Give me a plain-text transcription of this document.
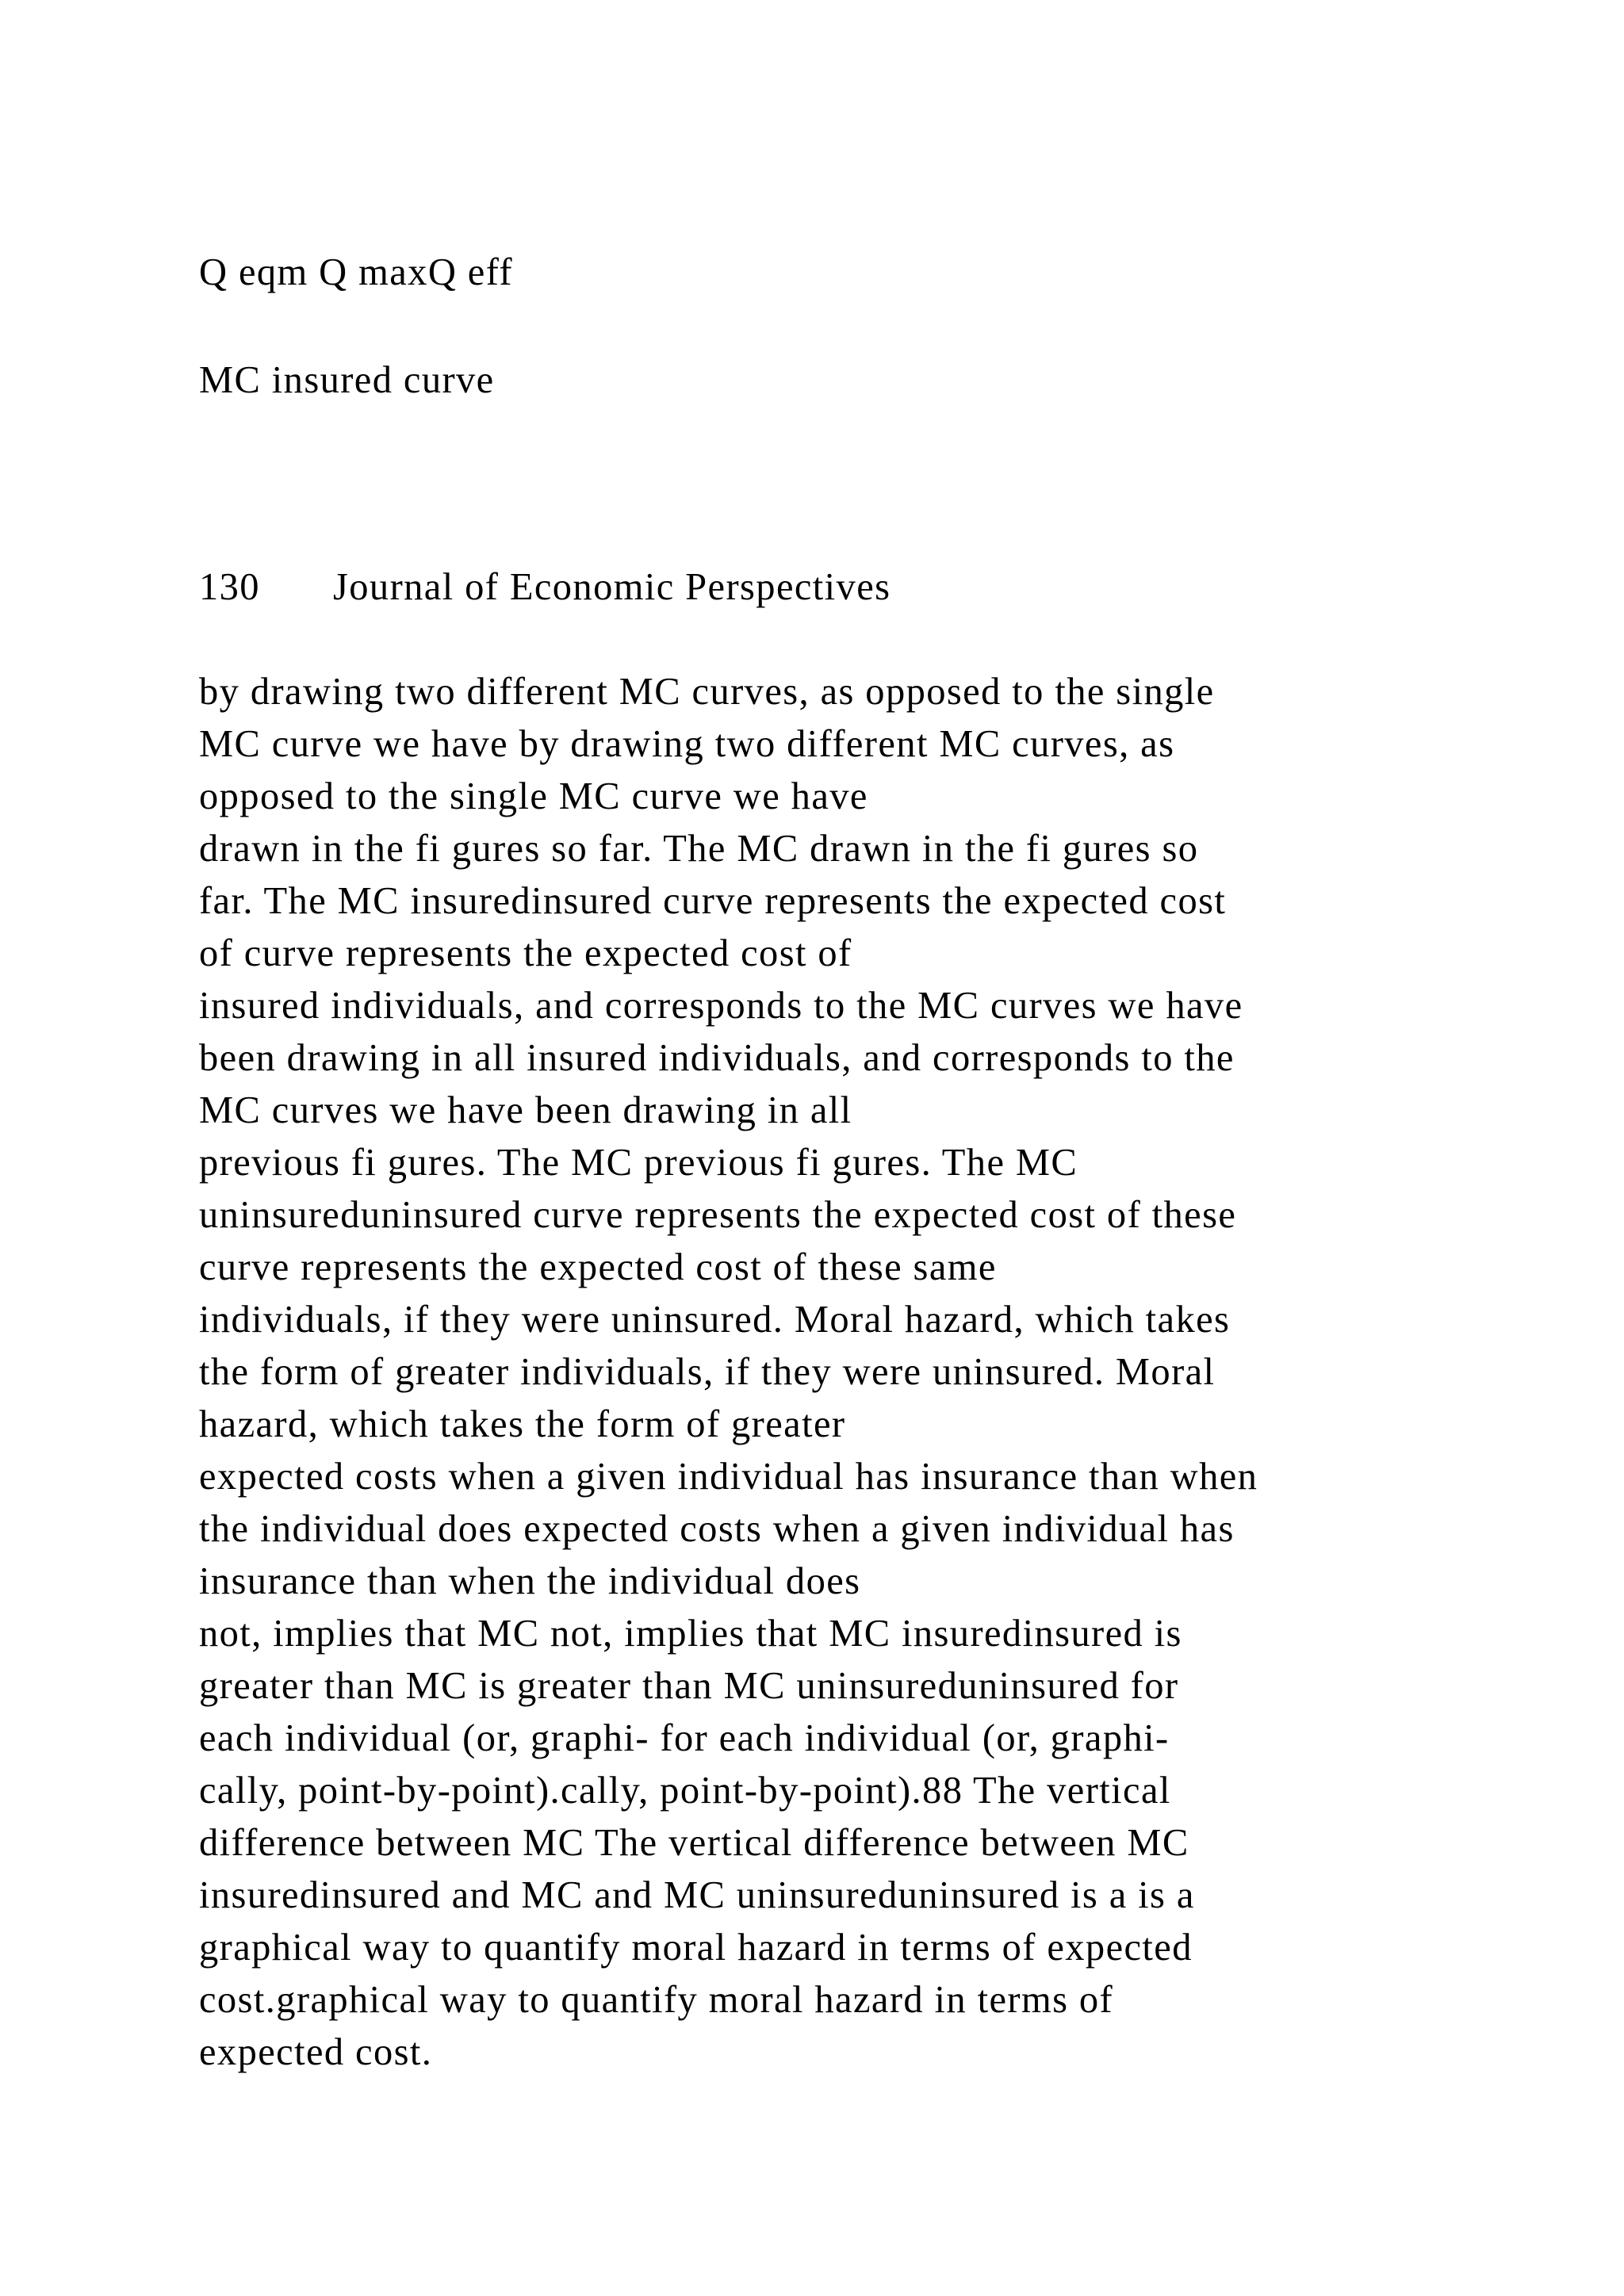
Q eqm Q maxQ eff

MC insured curve

130 Journal of Economic Perspectives

by drawing two different MC curves, as opposed to the single
MC curve we have by drawing two different MC curves, as
opposed to the single MC curve we have
drawn in the fi gures so far. The MC drawn in the fi gures so
far. The MC insuredinsured curve represents the expected cost
of curve represents the expected cost of
insured individuals, and corresponds to the MC curves we have
been drawing in all insured individuals, and corresponds to the
MC curves we have been drawing in all
previous fi gures. The MC previous fi gures. The MC
uninsureduninsured curve represents the expected cost of these
curve represents the expected cost of these same
individuals, if they were uninsured. Moral hazard, which takes
the form of greater individuals, if they were uninsured. Moral
hazard, which takes the form of greater
expected costs when a given individual has insurance than when
the individual does expected costs when a given individual has
insurance than when the individual does
not, implies that MC not, implies that MC insuredinsured is
greater than MC is greater than MC uninsureduninsured for
each individual (or, graphi- for each individual (or, graphi-
cally, point-by-point).cally, point-by-point).88 The vertical
difference between MC The vertical difference between MC
insuredinsured and MC and MC uninsureduninsured is a is a
graphical way to quantify moral hazard in terms of expected
cost.graphical way to quantify moral hazard in terms of
expected cost.
